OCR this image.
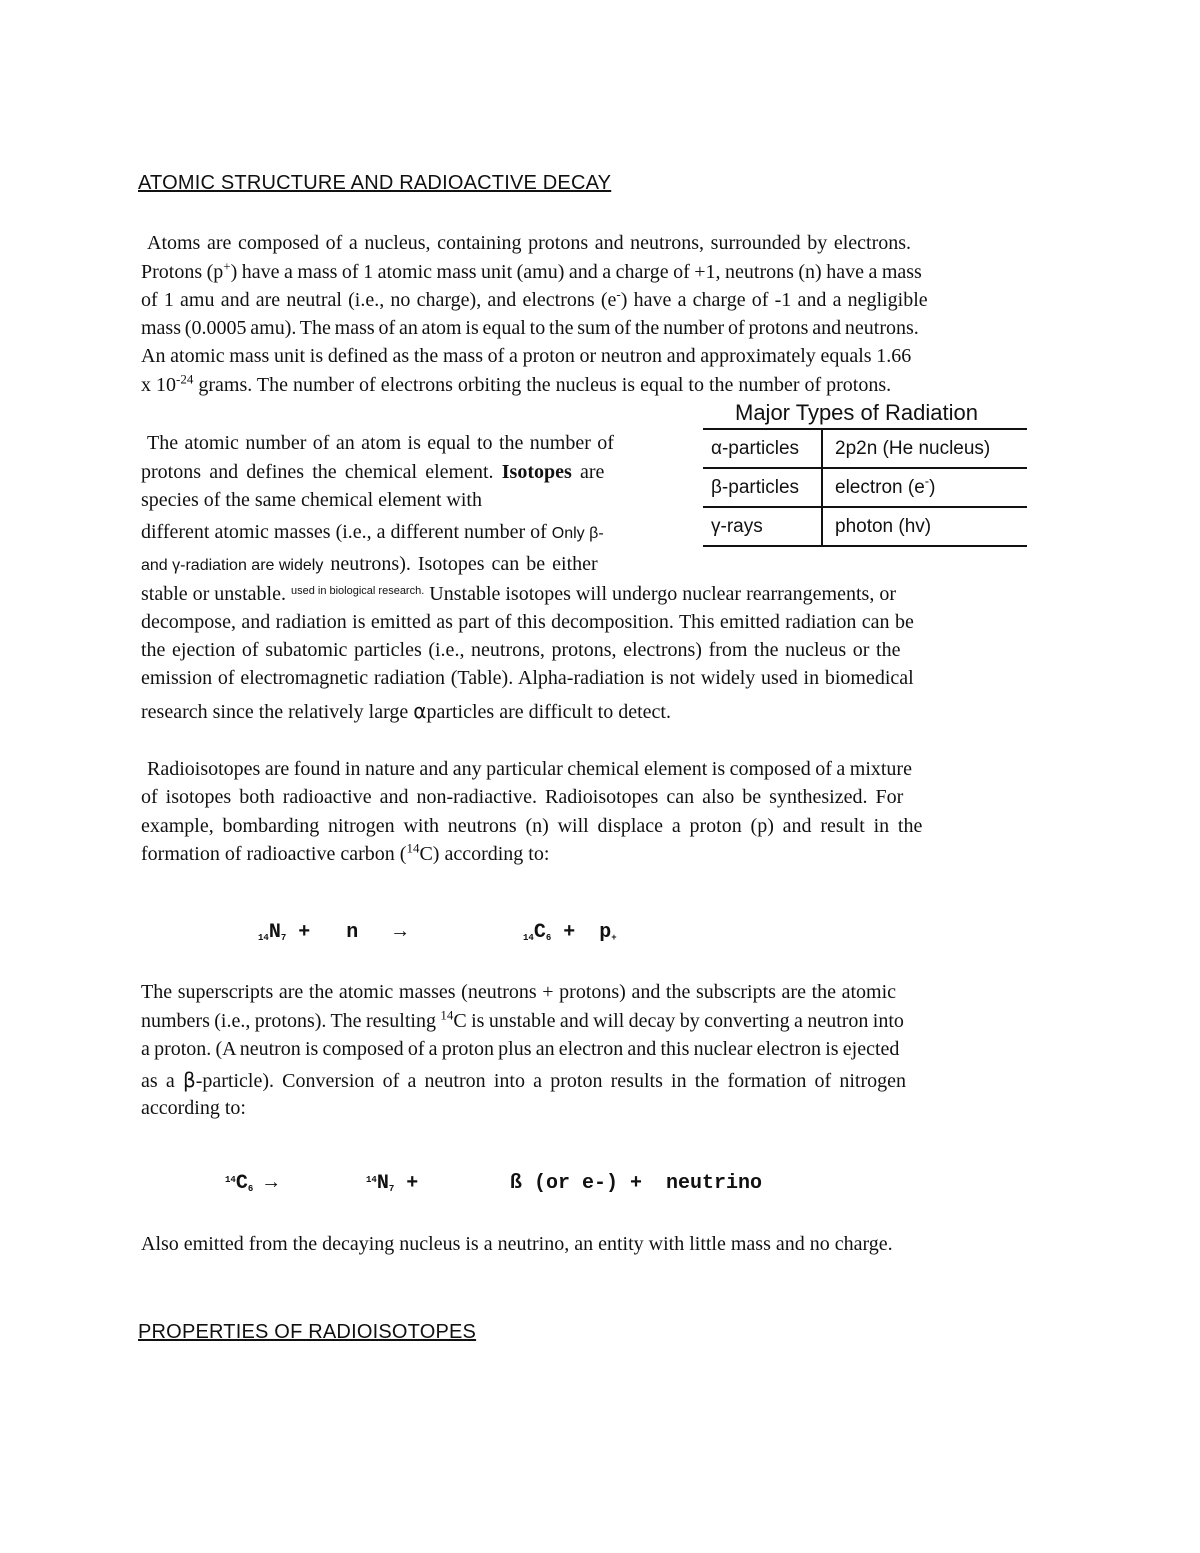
ATOMIC STRUCTURE AND RADIOACTIVE DECAY

Atoms are composed of a nucleus, containing protons and neutrons, surrounded by electrons.

Protons (p+) have a mass of 1 atomic mass unit (amu) and a charge of +1, neutrons (n) have a mass

of 1 amu and are neutral (i.e., no charge), and electrons (e-) have a charge of -1 and a negligible

mass (0.0005 amu). The mass of an atom is equal to the sum of the number of protons and neutrons.

An atomic mass unit is defined as the mass of a proton or neutron and approximately equals 1.66

x $10^{-24}$ grams. The number of electrons orbiting the nucleus is equal to the number of protons.

Major Types of Radiation
α-particles	2p2n (He nucleus)
β-particles	electron (e-)
γ-rays	photon (hv)

The atomic number of an atom is equal to the number of

protons and defines the chemical element. Isotopes are

species of the same chemical element with

different atomic masses (i.e., a different number of Only β-

and γ-radiation are widely neutrons). Isotopes can be either

stable or unstable. $^{used in biological research.}$ Unstable isotopes will undergo nuclear rearrangements, or

decompose, and radiation is emitted as part of this decomposition. This emitted radiation can be

the ejection of subatomic particles (i.e., neutrons, protons, electrons) from the nucleus or the

emission of electromagnetic radiation (Table). Alpha-radiation is not widely used in biomedical

research since the relatively large αparticles are difficult to detect.

Radioisotopes are found in nature and any particular chemical element is composed of a mixture

of isotopes both radioactive and non-radiactive. Radioisotopes can also be synthesized. For

example, bombarding nitrogen with neutrons (n) will displace a proton (p) and result in the

formation of radioactive carbon ($^{14}$C) according to:

14N7 +   n   →	14C6 +  p+

The superscripts are the atomic masses (neutrons + protons) and the subscripts are the atomic

numbers (i.e., protons). The resulting $^{14}$C is unstable and will decay by converting a neutron into

a proton. (A neutron is composed of a proton plus an electron and this nuclear electron is ejected

as a β-particle). Conversion of a neutron into a proton results in the formation of nitrogen

according to:

$^{14}$C6 →	$^{14}$N7 +	ß (or e-) +  neutrino

Also emitted from the decaying nucleus is a neutrino, an entity with little mass and no charge.

PROPERTIES OF RADIOISOTOPES
